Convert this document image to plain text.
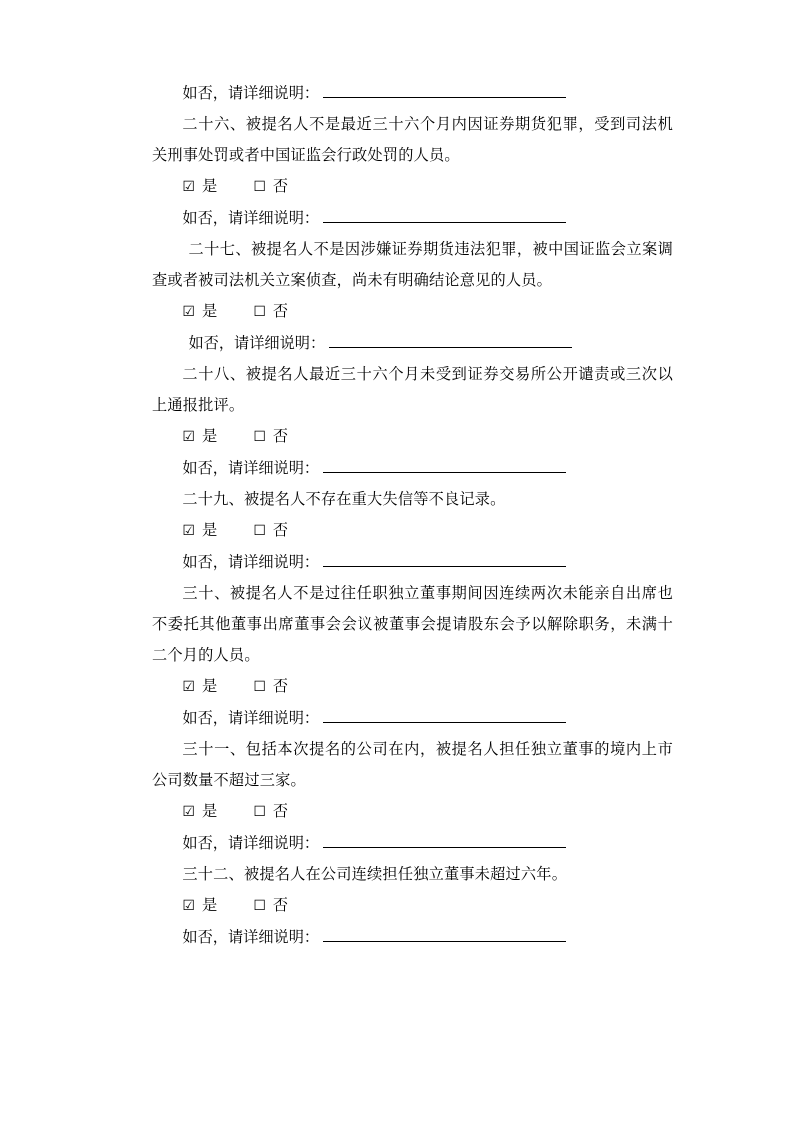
如否，请详细说明：

二十六、被提名人不是最近三十六个月内因证券期货犯罪，受到司法机关刑事处罚或者中国证监会行政处罚的人员。

☑ 是	☐ 否

如否，请详细说明：

二十七、被提名人不是因涉嫌证券期货违法犯罪，被中国证监会立案调查或者被司法机关立案侦查，尚未有明确结论意见的人员。

☑ 是	☐ 否

如否，请详细说明：

二十八、被提名人最近三十六个月未受到证券交易所公开谴责或三次以上通报批评。

☑ 是	☐ 否

如否，请详细说明：

二十九、被提名人不存在重大失信等不良记录。

☑ 是	☐ 否

如否，请详细说明：

三十、被提名人不是过往任职独立董事期间因连续两次未能亲自出席也不委托其他董事出席董事会会议被董事会提请股东会予以解除职务，未满十二个月的人员。

☑ 是	☐ 否

如否，请详细说明：

三十一、包括本次提名的公司在内，被提名人担任独立董事的境内上市公司数量不超过三家。

☑ 是	☐ 否

如否，请详细说明：

三十二、被提名人在公司连续担任独立董事未超过六年。

☑ 是	☐ 否

如否，请详细说明：
